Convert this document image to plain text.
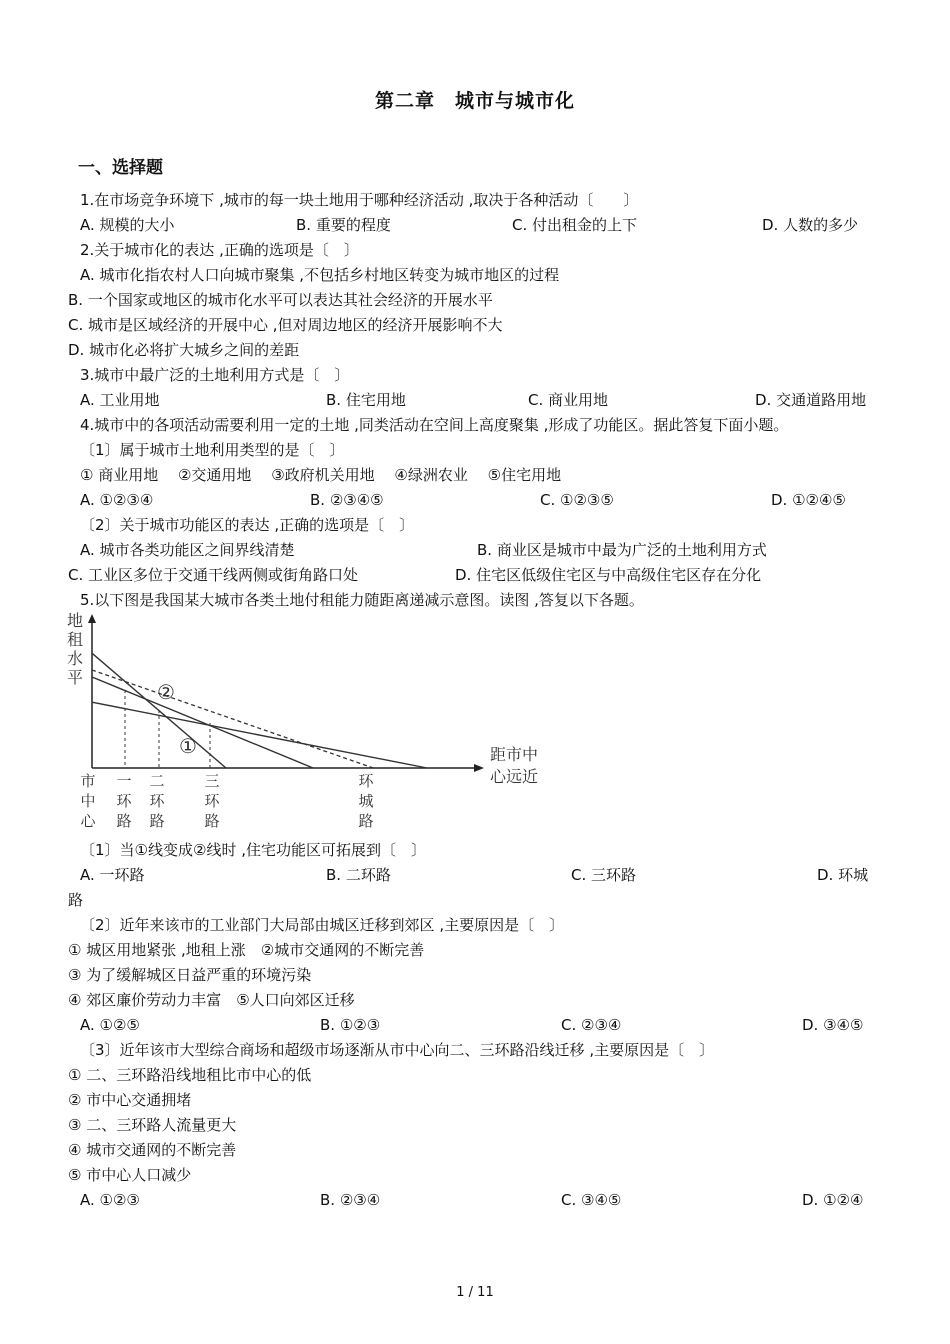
第二章　城市与城市化
一、选择题
1.在市场竞争环境下 ,城市的每一块土地用于哪种经济活动 ,取决于各种活动〔　　〕
A. 规模的大小	B. 重要的程度	C. 付出租金的上下	D. 人数的多少
2.关于城市化的表达 ,正确的选项是〔　〕
A. 城市化指农村人口向城市聚集 ,不包括乡村地区转变为城市地区的过程
B. 一个国家或地区的城市化水平可以表达其社会经济的开展水平
C. 城市是区域经济的开展中心 ,但对周边地区的经济开展影响不大
D. 城市化必将扩大城乡之间的差距
3.城市中最广泛的土地利用方式是〔　〕
A. 工业用地	B. 住宅用地	C. 商业用地	D. 交通道路用地
4.城市中的各项活动需要利用一定的土地 ,同类活动在空间上高度聚集 ,形成了功能区。据此答复下面小题。
〔1〕属于城市土地利用类型的是〔　〕
① 商业用地　 ②交通用地　 ③政府机关用地　 ④绿洲农业　 ⑤住宅用地
A. ①②③④	B. ②③④⑤	C. ①②③⑤	D. ①②④⑤
〔2〕关于城市功能区的表达 ,正确的选项是〔　〕
A. 城市各类功能区之间界线清楚	B. 商业区是城市中最为广泛的土地利用方式
C. 工业区多位于交通干线两侧或街角路口处	D. 住宅区低级住宅区与中高级住宅区存在分化
5.以下图是我国某大城市各类土地付租能力随距离递减示意图。读图 ,答复以下各题。
市中心
一环路
二环路
三环路
环城路
地租水平
距市中心远近
①
②
〔1〕当①线变成②线时 ,住宅功能区可拓展到〔　〕
A. 一环路	B. 二环路	C. 三环路	D. 环城
路
〔2〕近年来该市的工业部门大局部由城区迁移到郊区 ,主要原因是〔　〕
① 城区用地紧张 ,地租上涨　②城市交通网的不断完善
③ 为了缓解城区日益严重的环境污染
④ 郊区廉价劳动力丰富　⑤人口向郊区迁移
A. ①②⑤	B. ①②③	C. ②③④	D. ③④⑤
〔3〕近年该市大型综合商场和超级市场逐渐从市中心向二、三环路沿线迁移 ,主要原因是〔　〕
① 二、三环路沿线地租比市中心的低
② 市中心交通拥堵
③ 二、三环路人流量更大
④ 城市交通网的不断完善
⑤ 市中心人口减少
A. ①②③	B. ②③④	C. ③④⑤	D. ①②④
1 / 11
